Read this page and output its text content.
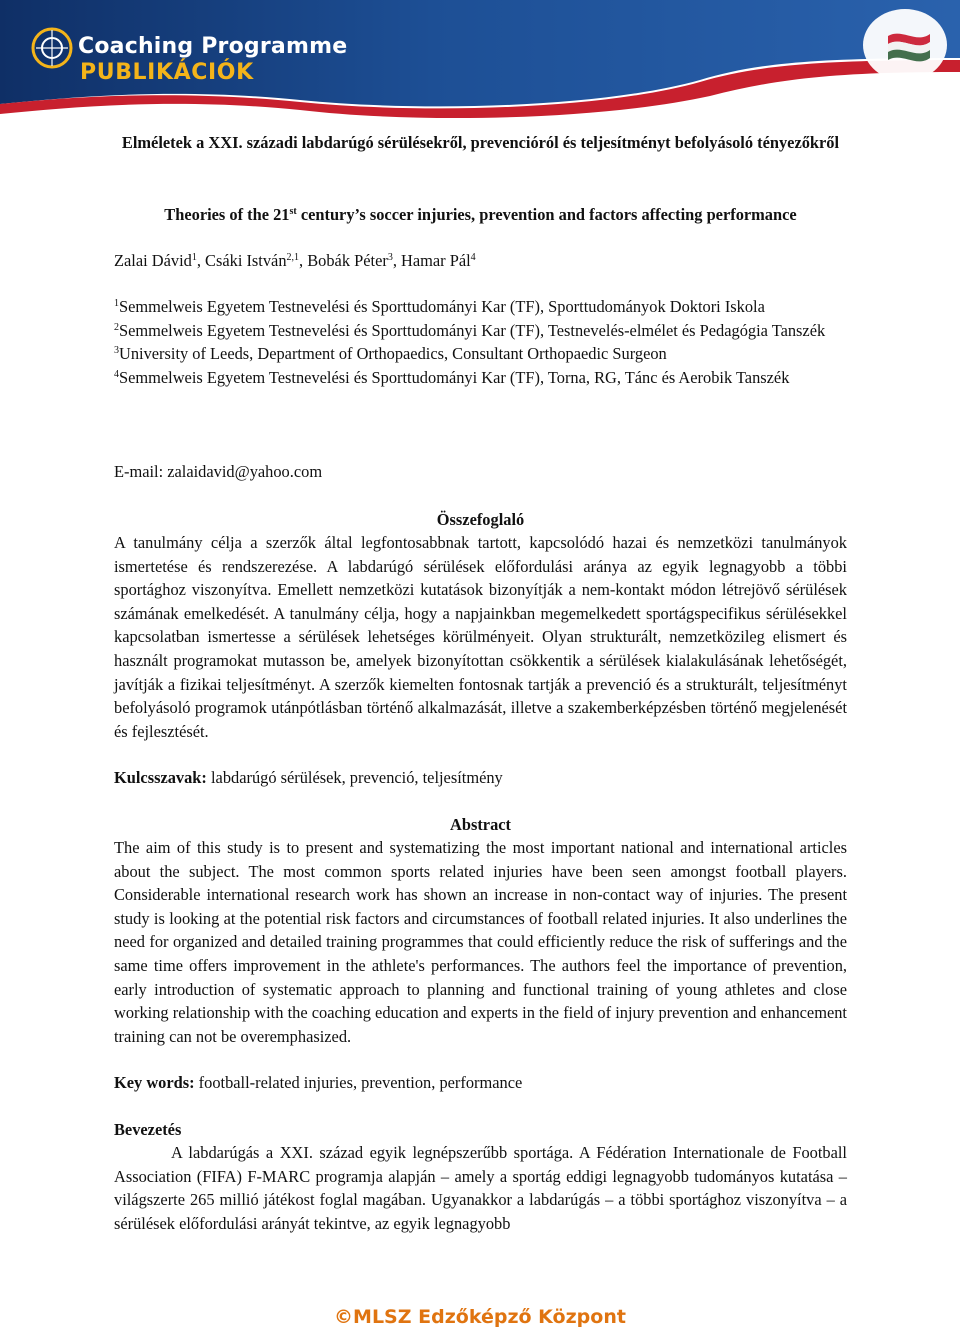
Coaching Programme
PUBLIKÁCIÓK
Elméletek a XXI. századi labdarúgó sérülésekről, prevencióról és teljesítményt befolyásoló tényezőkről
Theories of the 21st century’s soccer injuries, prevention and factors affecting performance
Zalai Dávid$^1$, Csáki István$^{2,1}$, Bobák Péter$^3$, Hamar Pál$^4$

$^1$Semmelweis Egyetem Testnevelési és Sporttudományi Kar (TF), Sporttudományok Doktori Iskola

$^2$Semmelweis Egyetem Testnevelési és Sporttudományi Kar (TF), Testnevelés-elmélet és Pedagógia Tanszék

$^3$University of Leeds, Department of Orthopaedics, Consultant Orthopaedic Surgeon

$^4$Semmelweis Egyetem Testnevelési és Sporttudományi Kar (TF), Torna, RG, Tánc és Aerobik Tanszék

E-mail: zalaidavid@yahoo.com
Összefoglaló
A tanulmány célja a szerzők által legfontosabbnak tartott, kapcsolódó hazai és nemzetközi tanulmányok ismertetése és rendszerezése. A labdarúgó sérülések előfordulási aránya az egyik legnagyobb a többi sportághoz viszonyítva. Emellett nemzetközi kutatások bizonyítják a nem-kontakt módon létrejövő sérülések számának emelkedését. A tanulmány célja, hogy a napjainkban megemelkedett sportágspecifikus sérülésekkel kapcsolatban ismertesse a sérülések lehetséges körülményeit. Olyan strukturált, nemzetközileg elismert és használt programokat mutasson be, amelyek bizonyítottan csökkentik a sérülések kialakulásának lehetőségét, javítják a fizikai teljesítményt. A szerzők kiemelten fontosnak tartják a prevenció és a strukturált, teljesítményt befolyásoló programok utánpótlásban történő alkalmazását, illetve a szakemberképzésben történő megjelenését és fejlesztését.
Kulcsszavak: labdarúgó sérülések, prevenció, teljesítmény
Abstract
The aim of this study is to present and systematizing the most important national and international articles about the subject. The most common sports related injuries have been seen amongst football players. Considerable international research work has shown an increase in non-contact way of injuries. The present study is looking at the potential risk factors and circumstances of football related injuries. It also underlines the need for organized and detailed training programmes that could efficiently reduce the risk of sufferings and the same time offers improvement in the athlete's performances. The authors feel the importance of prevention, early introduction of systematic approach to planning and functional training of young athletes and close working relationship with the coaching education and experts in the field of injury prevention and enhancement training can not be overemphasized.
Key words: football-related injuries, prevention, performance
Bevezetés
A labdarúgás a XXI. század egyik legnépszerűbb sportága. A Fédération Internationale de Football Association (FIFA) F-MARC programja alapján – amely a sportág eddigi legnagyobb tudományos kutatása – világszerte 265 millió játékost foglal magában. Ugyanakkor a labdarúgás – a többi sportághoz viszonyítva – a sérülések előfordulási arányát tekintve, az egyik legnagyobb
©MLSZ Edzőképző Központ
